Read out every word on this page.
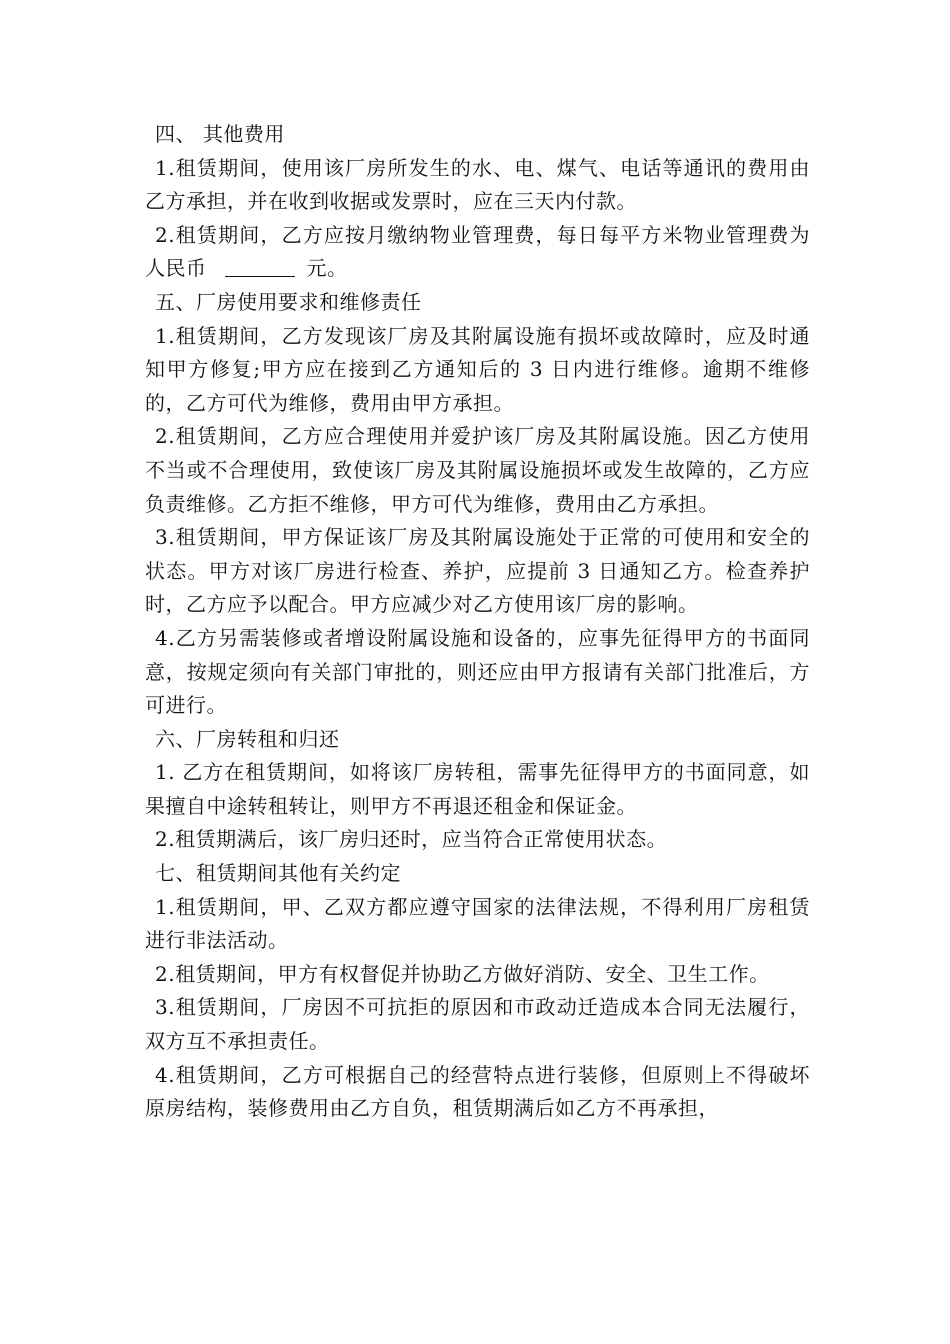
四、 其他费用

1.租赁期间，使用该厂房所发生的水、电、煤气、电话等通讯的费用由乙方承担，并在收到收据或发票时，应在三天内付款。

2.租赁期间，乙方应按月缴纳物业管理费，每日每平方米物业管理费为人民币	元。

五、厂房使用要求和维修责任

1.租赁期间，乙方发现该厂房及其附属设施有损坏或故障时，应及时通知甲方修复;甲方应在接到乙方通知后的 3 日内进行维修。逾期不维修的，乙方可代为维修，费用由甲方承担。

2.租赁期间，乙方应合理使用并爱护该厂房及其附属设施。因乙方使用不当或不合理使用，致使该厂房及其附属设施损坏或发生故障的，乙方应负责维修。乙方拒不维修，甲方可代为维修，费用由乙方承担。

3.租赁期间，甲方保证该厂房及其附属设施处于正常的可使用和安全的状态。甲方对该厂房进行检查、养护，应提前 3 日通知乙方。检查养护时，乙方应予以配合。甲方应减少对乙方使用该厂房的影响。

4.乙方另需装修或者增设附属设施和设备的，应事先征得甲方的书面同意，按规定须向有关部门审批的，则还应由甲方报请有关部门批准后，方可进行。

六、厂房转租和归还

1. 乙方在租赁期间，如将该厂房转租，需事先征得甲方的书面同意，如果擅自中途转租转让，则甲方不再退还租金和保证金。

2.租赁期满后，该厂房归还时，应当符合正常使用状态。

七、租赁期间其他有关约定

1.租赁期间，甲、乙双方都应遵守国家的法律法规，不得利用厂房租赁进行非法活动。

2.租赁期间，甲方有权督促并协助乙方做好消防、安全、卫生工作。

3.租赁期间，厂房因不可抗拒的原因和市政动迁造成本合同无法履行，双方互不承担责任。

4.租赁期间，乙方可根据自己的经营特点进行装修，但原则上不得破坏原房结构，装修费用由乙方自负，租赁期满后如乙方不再承担，
